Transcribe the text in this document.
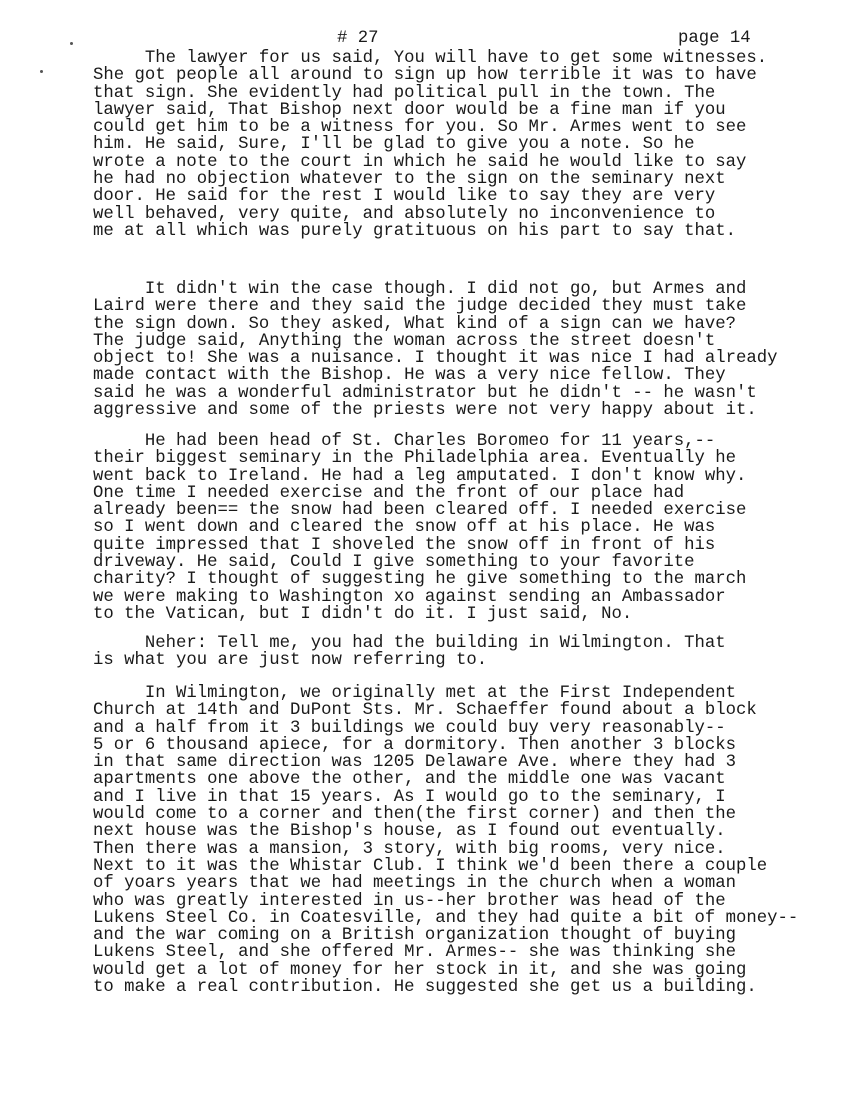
# 27	page 14
The lawyer for us said, You will have to get some witnesses.
She got people all around to sign up how terrible it was to have
that sign. She evidently had political pull in the town. The
lawyer said, That Bishop next door would be a fine man if you
could get him to be a witness for you. So Mr. Armes went to see
him. He said, Sure, I'll be glad to give you a note. So he
wrote a note to the court in which he said he would like to say
he had no objection whatever to the sign on the seminary next
door. He said for the rest I would like to say they are very
well behaved, very quite, and absolutely no inconvenience to
me at all which was purely gratituous on his part to say that.
It didn't win the case though. I did not go, but Armes and
Laird were there and they said the judge decided they must take
the sign down. So they asked, What kind of a sign can we have?
The judge said, Anything the woman across the street doesn't
object to! She was a nuisance. I thought it was nice I had already
made contact with the Bishop. He was a very nice fellow. They
said he was a wonderful administrator but he didn't -- he wasn't
aggressive and some of the priests were not very happy about it.
He had been head of St. Charles Boromeo for 11 years,--
their biggest seminary in the Philadelphia area. Eventually he
went back to Ireland. He had a leg amputated. I don't know why.
One time I needed exercise and the front of our place had
already been== the snow had been cleared off. I needed exercise
so I went down and cleared the snow off at his place. He was
quite impressed that I shoveled the snow off in front of his
driveway. He said, Could I give something to your favorite
charity? I thought of suggesting he give something to the march
we were making to Washington xo against sending an Ambassador
to the Vatican, but I didn't do it. I just said, No.
Neher: Tell me, you had the building in Wilmington. That
is what you are just now referring to.
In Wilmington, we originally met at the First Independent
Church at 14th and DuPont Sts. Mr. Schaeffer found about a block
and a half from it 3 buildings we could buy very reasonably--
5 or 6 thousand apiece, for a dormitory. Then another 3 blocks
in that same direction was 1205 Delaware Ave. where they had 3
apartments one above the other, and the middle one was vacant
and I live in that 15 years. As I would go to the seminary, I
would come to a corner and then(the first corner) and then the
next house was the Bishop's house, as I found out eventually.
Then there was a mansion, 3 story, with big rooms, very nice.
Next to it was the Whistar Club. I think we'd been there a couple
of yoars years that we had meetings in the church when a woman
who was greatly interested in us--her brother was head of the
Lukens Steel Co. in Coatesville, and they had quite a bit of money--
and the war coming on a British organization thought of buying
Lukens Steel, and she offered Mr. Armes-- she was thinking she
would get a lot of money for her stock in it, and she was going
to make a real contribution. He suggested she get us a building.
